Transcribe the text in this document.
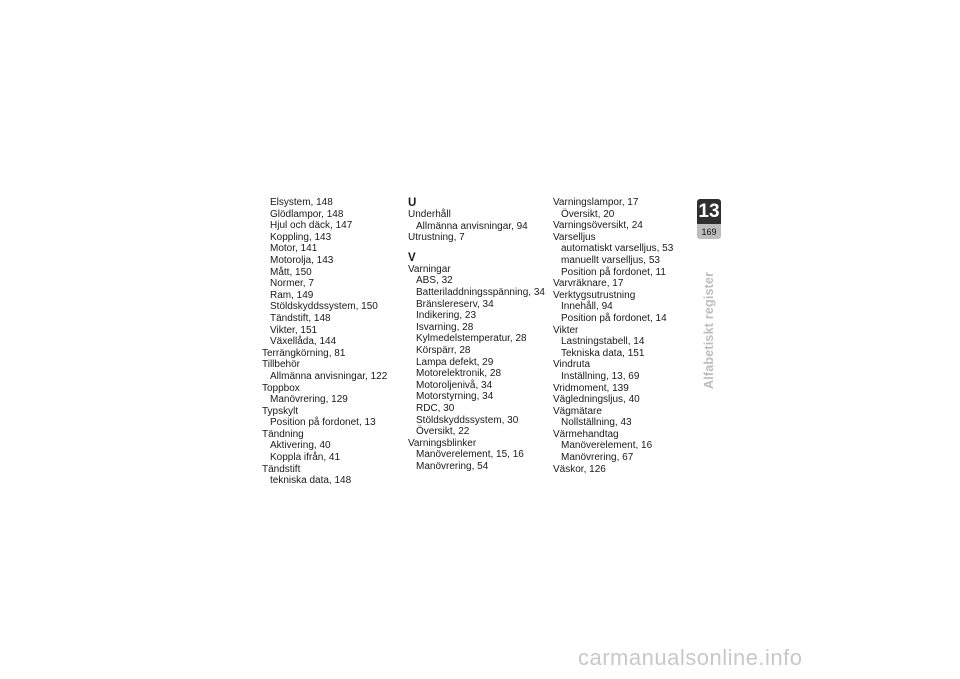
Elsystem, 148
Glödlampor, 148
Hjul och däck, 147
Koppling, 143
Motor, 141
Motorolja, 143
Mått, 150
Normer, 7
Ram, 149
Stöldskyddssystem, 150
Tändstift, 148
Vikter, 151
Växellåda, 144
Terrängkörning, 81
Tillbehör
Allmänna anvisningar, 122
Toppbox
Manövrering, 129
Typskylt
Position på fordonet, 13
Tändning
Aktivering, 40
Koppla ifrån, 41
Tändstift
tekniska data, 148
U
Underhåll
Allmänna anvisningar, 94
Utrustning, 7
V
Varningar
ABS, 32
Batteriladdningsspänning, 34
Bränslereserv, 34
Indikering, 23
Isvarning, 28
Kylmedelstemperatur, 28
Körspärr, 28
Lampa defekt, 29
Motorelektronik, 28
Motoroljenivå, 34
Motorstyrning, 34
RDC, 30
Stöldskyddssystem, 30
Översikt, 22
Varningsblinker
Manöverelement, 15, 16
Manövrering, 54
Varningslampor, 17
Översikt, 20
Varningsöversikt, 24
Varselljus
automatiskt varselljus, 53
manuellt varselljus, 53
Position på fordonet, 11
Varvräknare, 17
Verktygsutrustning
Innehåll, 94
Position på fordonet, 14
Vikter
Lastningstabell, 14
Tekniska data, 151
Vindruta
Inställning, 13, 69
Vridmoment, 139
Vägledningsljus, 40
Vägmätare
Nollställning, 43
Värmehandtag
Manöverelement, 16
Manövrering, 67
Väskor, 126
13
169
Alfabetiskt register
carmanualsonline.info
